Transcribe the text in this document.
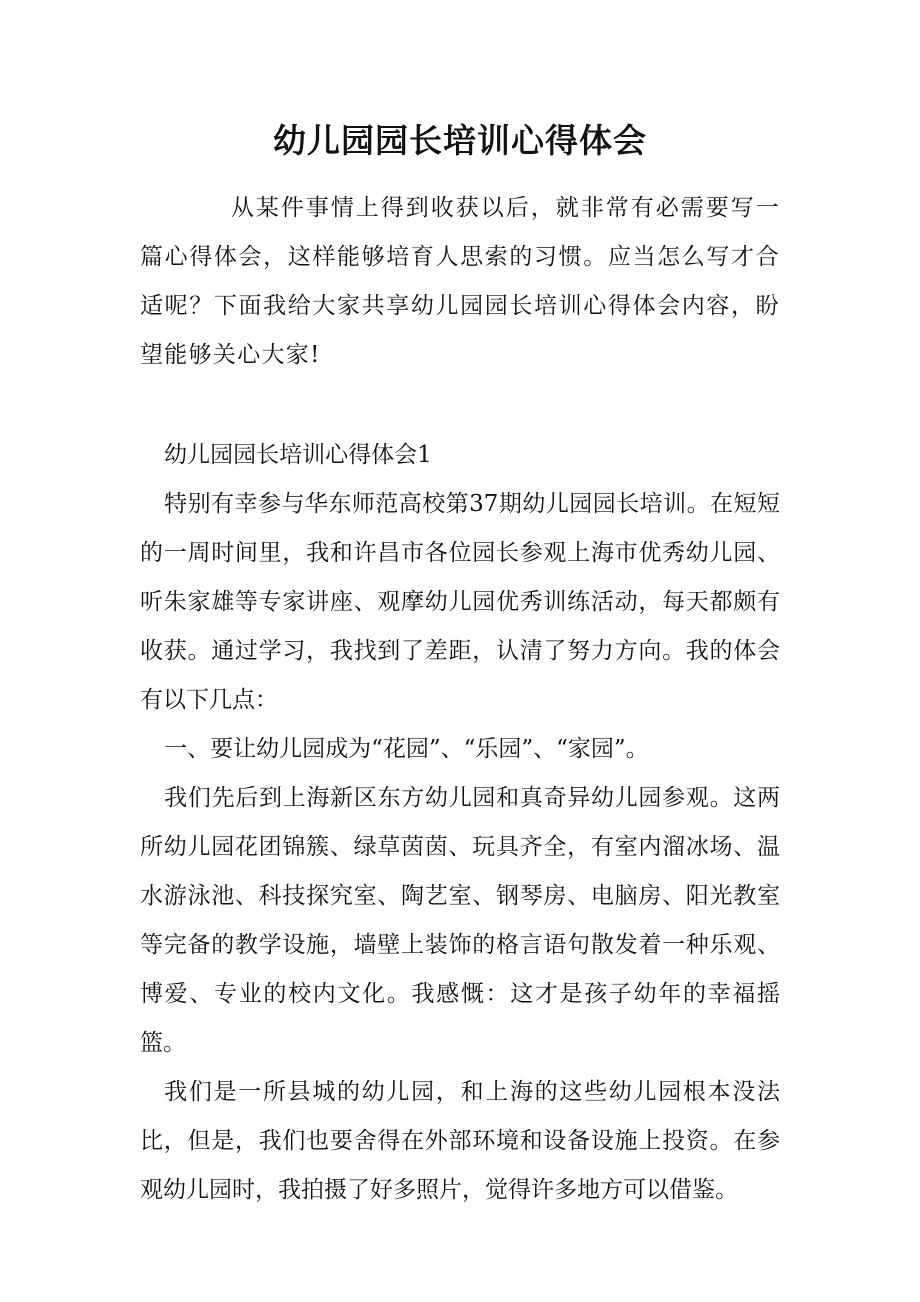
幼儿园园长培训心得体会

从某件事情上得到收获以后，就非常有必需要写一篇心得体会，这样能够培育人思索的习惯。应当怎么写才合适呢？下面我给大家共享幼儿园园长培训心得体会内容，盼望能够关心大家!

幼儿园园长培训心得体会1

特别有幸参与华东师范高校第37期幼儿园园长培训。在短短的一周时间里，我和许昌市各位园长参观上海市优秀幼儿园、听朱家雄等专家讲座、观摩幼儿园优秀训练活动，每天都颇有收获。通过学习，我找到了差距，认清了努力方向。我的体会有以下几点：

一、要让幼儿园成为“花园”、“乐园”、“家园”。

我们先后到上海新区东方幼儿园和真奇异幼儿园参观。这两所幼儿园花团锦簇、绿草茵茵、玩具齐全，有室内溜冰场、温水游泳池、科技探究室、陶艺室、钢琴房、电脑房、阳光教室等完备的教学设施，墙壁上装饰的格言语句散发着一种乐观、博爱、专业的校内文化。我感慨：这才是孩子幼年的幸福摇篮。

我们是一所县城的幼儿园，和上海的这些幼儿园根本没法比，但是，我们也要舍得在外部环境和设备设施上投资。在参观幼儿园时，我拍摄了好多照片，觉得许多地方可以借鉴。
